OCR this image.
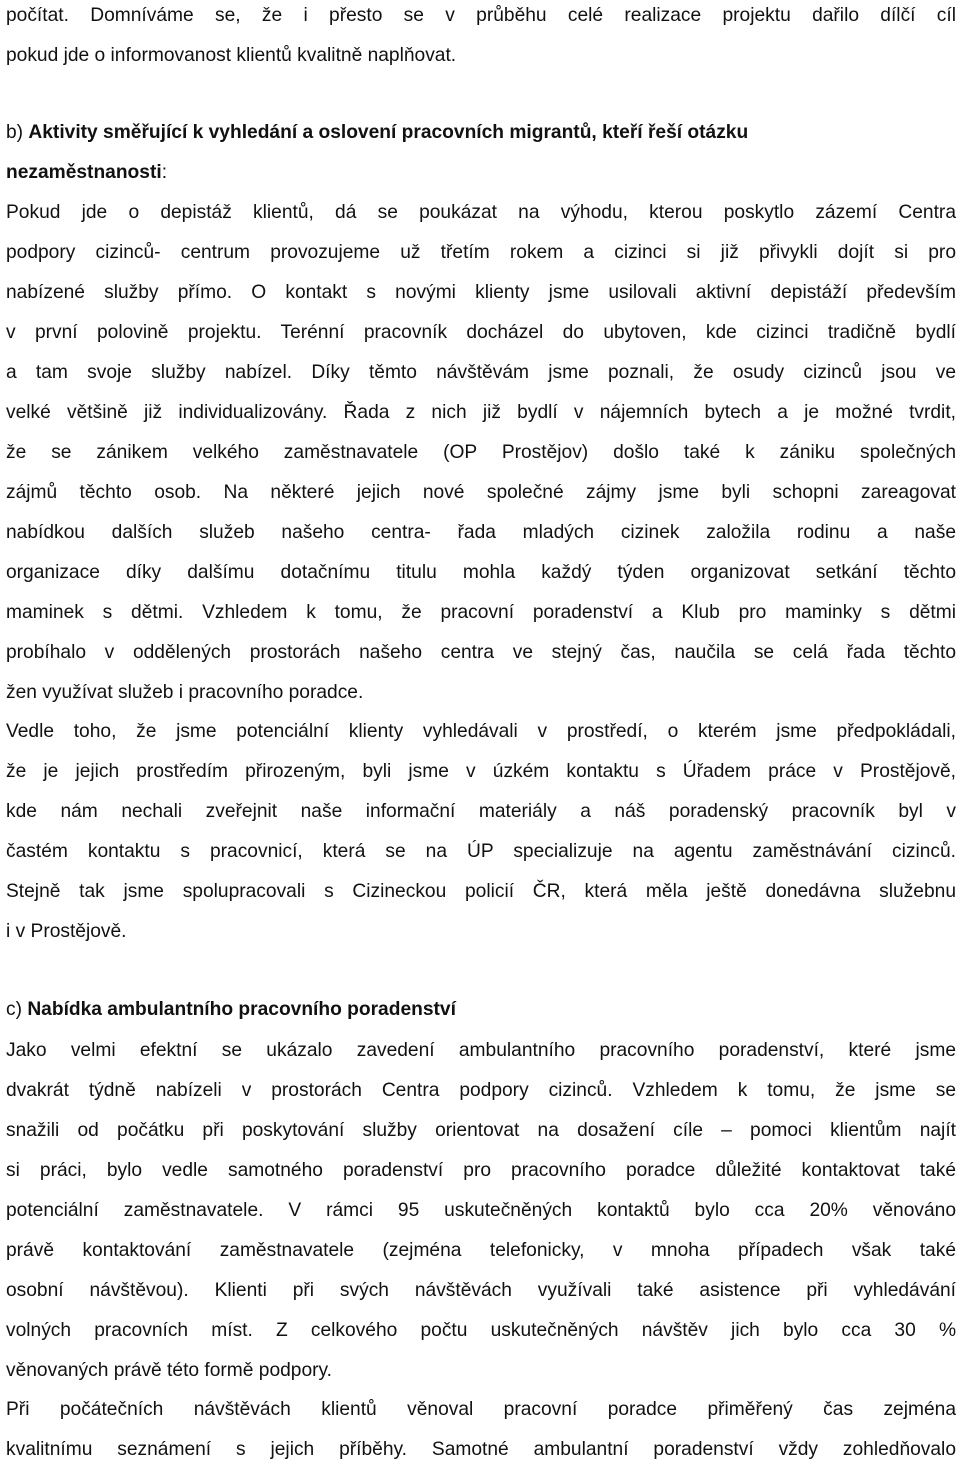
počítat. Domníváme se, že i přesto se v průběhu celé realizace projektu dařilo dílčí cíl
pokud jde o informovanost klientů kvalitně naplňovat.
b) Aktivity směřující k vyhledání a oslovení pracovních migrantů, kteří řeší otázku
nezaměstnanosti:
Pokud jde o depistáž klientů, dá se poukázat na výhodu, kterou poskytlo zázemí Centra
podpory cizinců- centrum provozujeme už třetím rokem a cizinci si již přivykli dojít si pro
nabízené služby přímo. O kontakt s novými klienty jsme usilovali aktivní depistáží především
v první polovině projektu. Terénní pracovník docházel do ubytoven, kde cizinci tradičně bydlí
a tam svoje služby nabízel. Díky těmto návštěvám jsme poznali, že osudy cizinců jsou ve
velké většině již individualizovány. Řada z nich již bydlí v nájemních bytech a je možné tvrdit,
že se zánikem velkého zaměstnavatele (OP Prostějov) došlo také k zániku společných
zájmů těchto osob. Na některé jejich nové společné zájmy jsme byli schopni zareagovat
nabídkou dalších služeb našeho centra- řada mladých cizinek založila rodinu a naše
organizace díky dalšímu dotačnímu titulu mohla každý týden organizovat setkání těchto
maminek s dětmi. Vzhledem k tomu, že pracovní poradenství a Klub pro maminky s dětmi
probíhalo v oddělených prostorách našeho centra ve stejný čas, naučila se celá řada těchto
žen využívat služeb i pracovního poradce.
Vedle toho, že jsme potenciální klienty vyhledávali v prostředí, o kterém jsme předpokládali,
že je jejich prostředím přirozeným, byli jsme v úzkém kontaktu s Úřadem práce v Prostějově,
kde nám nechali zveřejnit naše informační materiály a náš poradenský pracovník byl v
častém kontaktu s pracovnicí, která se na ÚP specializuje na agentu zaměstnávání cizinců.
Stejně tak jsme spolupracovali s Cizineckou policií ČR, která měla ještě donedávna služebnu
i v Prostějově.
c) Nabídka ambulantního pracovního poradenství
Jako velmi efektní se ukázalo zavedení ambulantního pracovního poradenství, které jsme
dvakrát týdně nabízeli v prostorách Centra podpory cizinců. Vzhledem k tomu, že jsme se
snažili od počátku při poskytování služby orientovat na dosažení cíle – pomoci klientům najít
si práci, bylo vedle samotného poradenství pro pracovního poradce důležité kontaktovat také
potenciální zaměstnavatele. V rámci 95 uskutečněných kontaktů bylo cca 20% věnováno
právě kontaktování zaměstnavatele (zejména telefonicky, v mnoha případech však také
osobní návštěvou). Klienti při svých návštěvách využívali také asistence při vyhledávání
volných pracovních míst. Z celkového počtu uskutečněných návštěv jich bylo cca 30 %
věnovaných právě této formě podpory.
Při počátečních návštěvách klientů věnoval pracovní poradce přiměřený čas zejména
kvalitnímu seznámení s jejich příběhy. Samotné ambulantní poradenství vždy zohledňovalo
